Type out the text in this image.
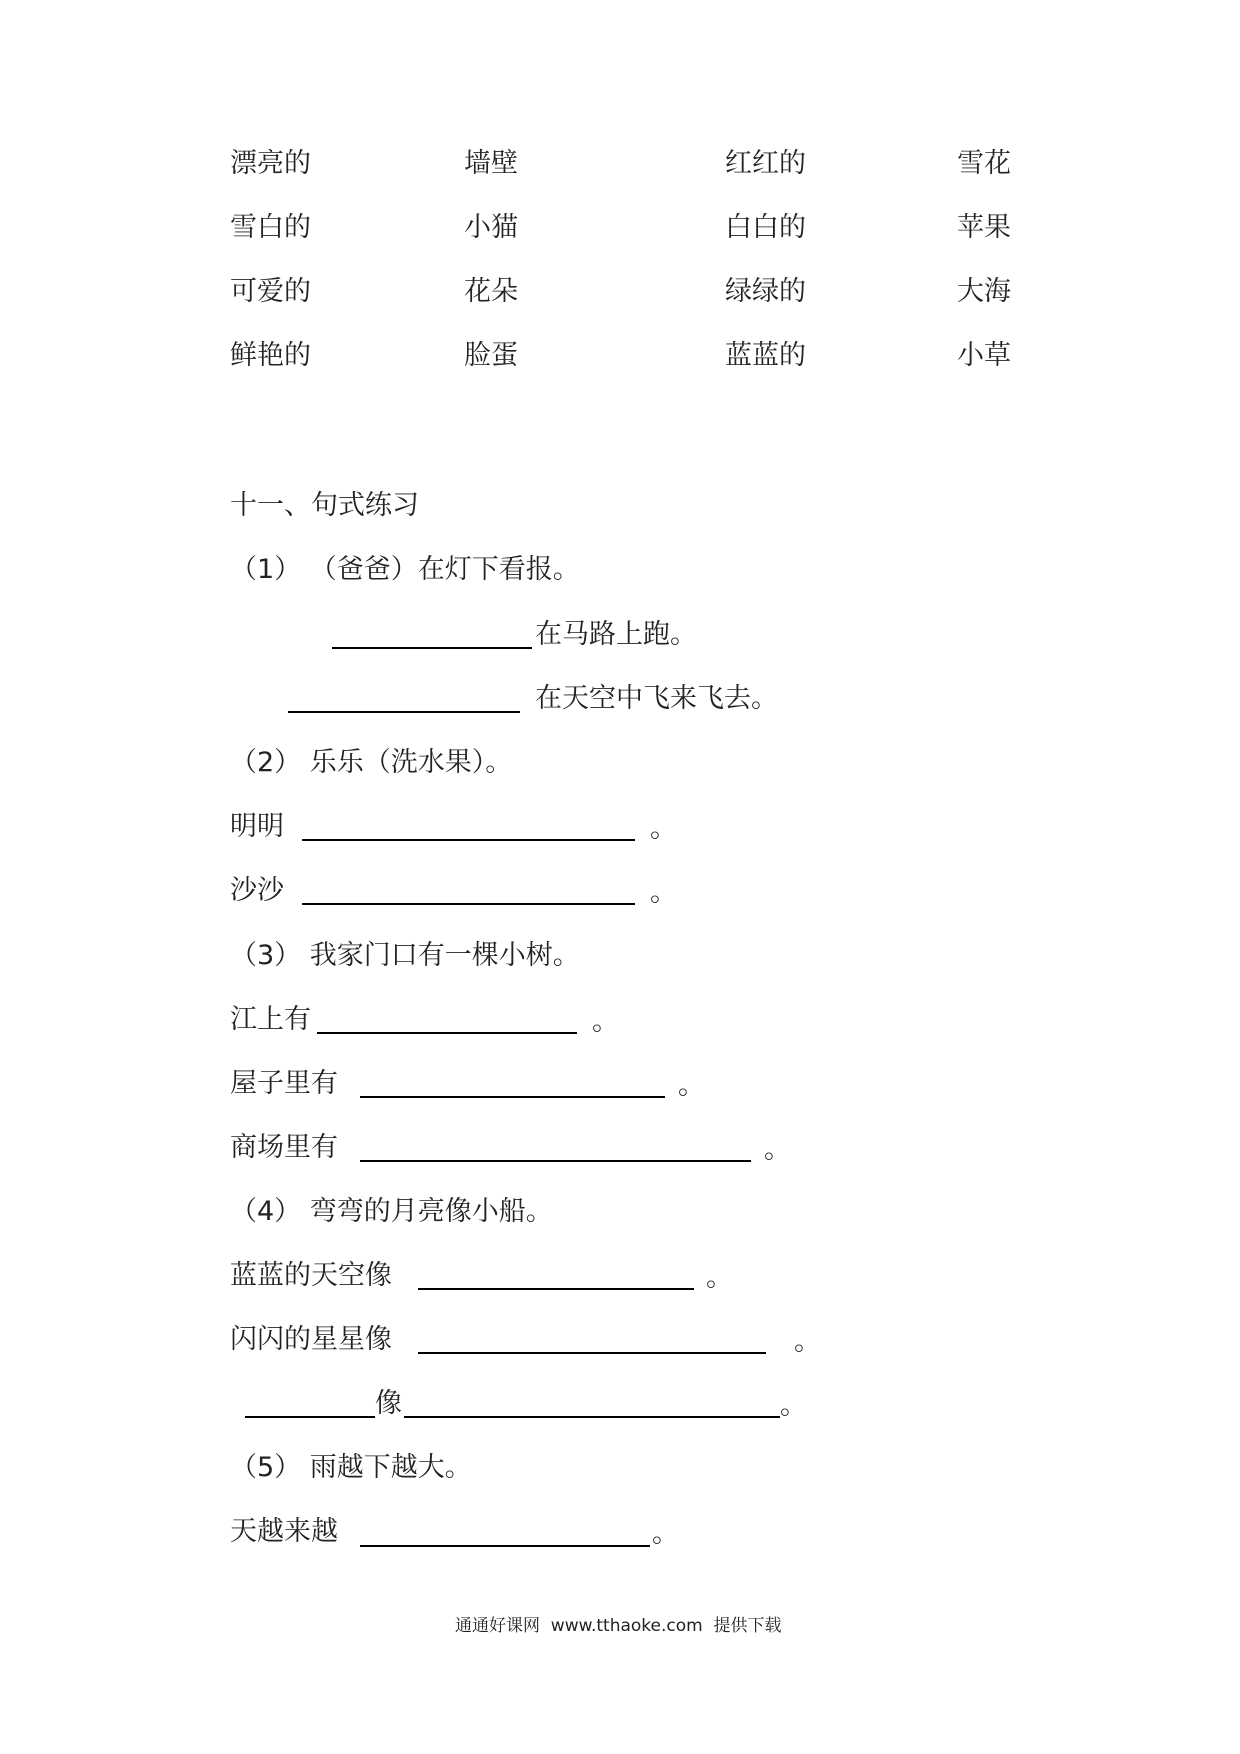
漂亮的	墙壁	红红的	雪花
雪白的	小猫	白白的	苹果
可爱的	花朵	绿绿的	大海
鲜艳的	脸蛋	蓝蓝的	小草
十一、句式练习
（1） （爸爸）在灯下看报。
在马路上跑。
在天空中飞来飞去。
（2） 乐乐（洗水果）。
明明	。
沙沙	。
（3） 我家门口有一棵小树。
江上有	。
屋子里有	。
商场里有	。
（4） 弯弯的月亮像小船。
蓝蓝的天空像	。
闪闪的星星像	。
像	。
（5） 雨越下越大。
天越来越	。
通通好课网  www.tthaoke.com  提供下载
